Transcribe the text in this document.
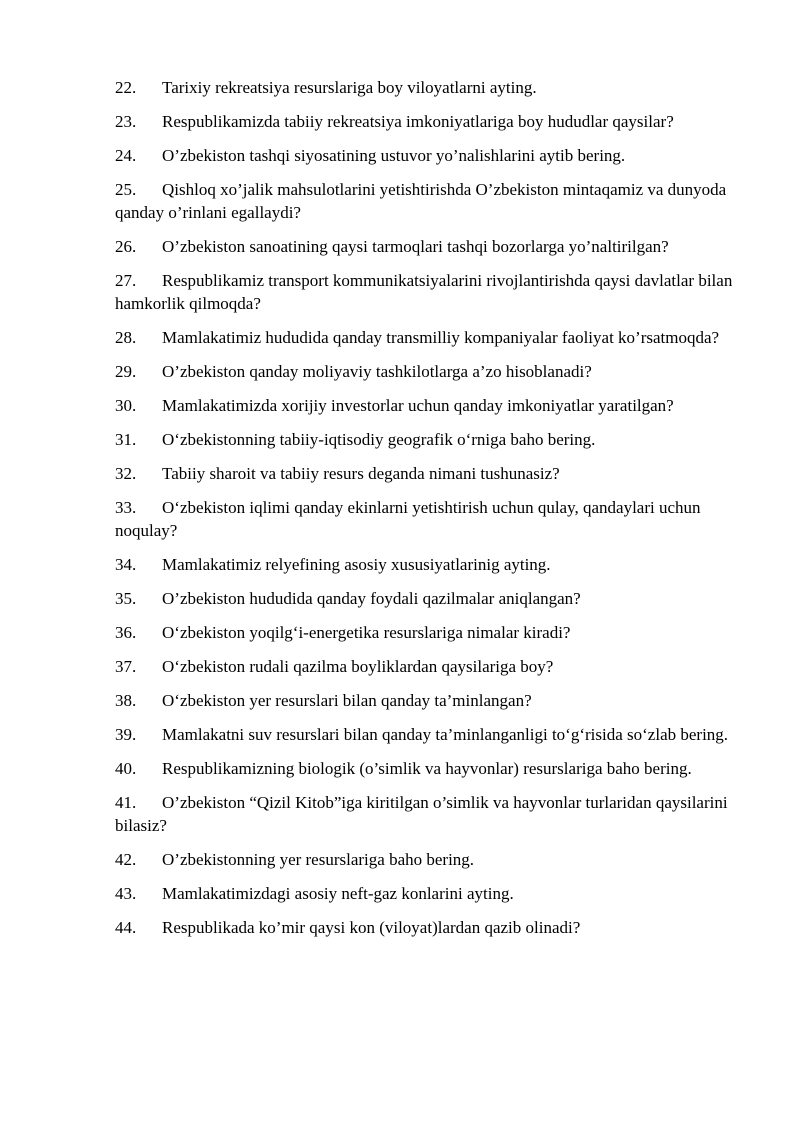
22. Tarixiy rekreatsiya resurslariga boy viloyatlarni ayting.

23. Respublikamizda tabiiy rekreatsiya imkoniyatlariga boy hududlar qaysilar?

24. O’zbekiston tashqi siyosatining ustuvor yo’nalishlarini aytib bering.

25. Qishloq xo’jalik mahsulotlarini yetishtirishda O’zbekiston mintaqamiz va dunyoda qanday o’rinlani egallaydi?

26. O’zbekiston sanoatining qaysi tarmoqlari tashqi bozorlarga yo’naltirilgan?

27. Respublikamiz transport kommunikatsiyalarini rivojlantirishda qaysi davlatlar bilan hamkorlik qilmoqda?

28. Mamlakatimiz hududida qanday transmilliy kompaniyalar faoliyat ko’rsatmoqda?

29. O’zbekiston qanday moliyaviy tashkilotlarga a’zo hisoblanadi?

30. Mamlakatimizda xorijiy investorlar uchun qanday imkoniyatlar yaratilgan?

31. O‘zbekistonning tabiiy-iqtisodiy geografik o‘rniga baho bering.

32. Tabiiy sharoit va tabiiy resurs deganda nimani tushunasiz?

33. O‘zbekiston iqlimi qanday ekinlarni yetishtirish uchun qulay, qandaylari uchun noqulay?

34. Mamlakatimiz relyefining asosiy xususiyatlarinig ayting.

35. O’zbekiston hududida qanday foydali qazilmalar aniqlangan?

36. O‘zbekiston yoqilg‘i-energetika resurslariga nimalar kiradi?

37. O‘zbekiston rudali qazilma boyliklardan qaysilariga boy?

38. O‘zbekiston yer resurslari bilan qanday ta’minlangan?

39. Mamlakatni suv resurslari bilan qanday ta’minlanganligi to‘g‘risida so‘zlab bering.

40. Respublikamizning biologik (o’simlik va hayvonlar) resurslariga baho bering.

41. O’zbekiston “Qizil Kitob”iga kiritilgan o’simlik va hayvonlar turlaridan qaysilarini bilasiz?

42. O’zbekistonning yer resurslariga baho bering.

43. Mamlakatimizdagi asosiy neft-gaz konlarini ayting.

44. Respublikada ko’mir qaysi kon (viloyat)lardan qazib olinadi?
